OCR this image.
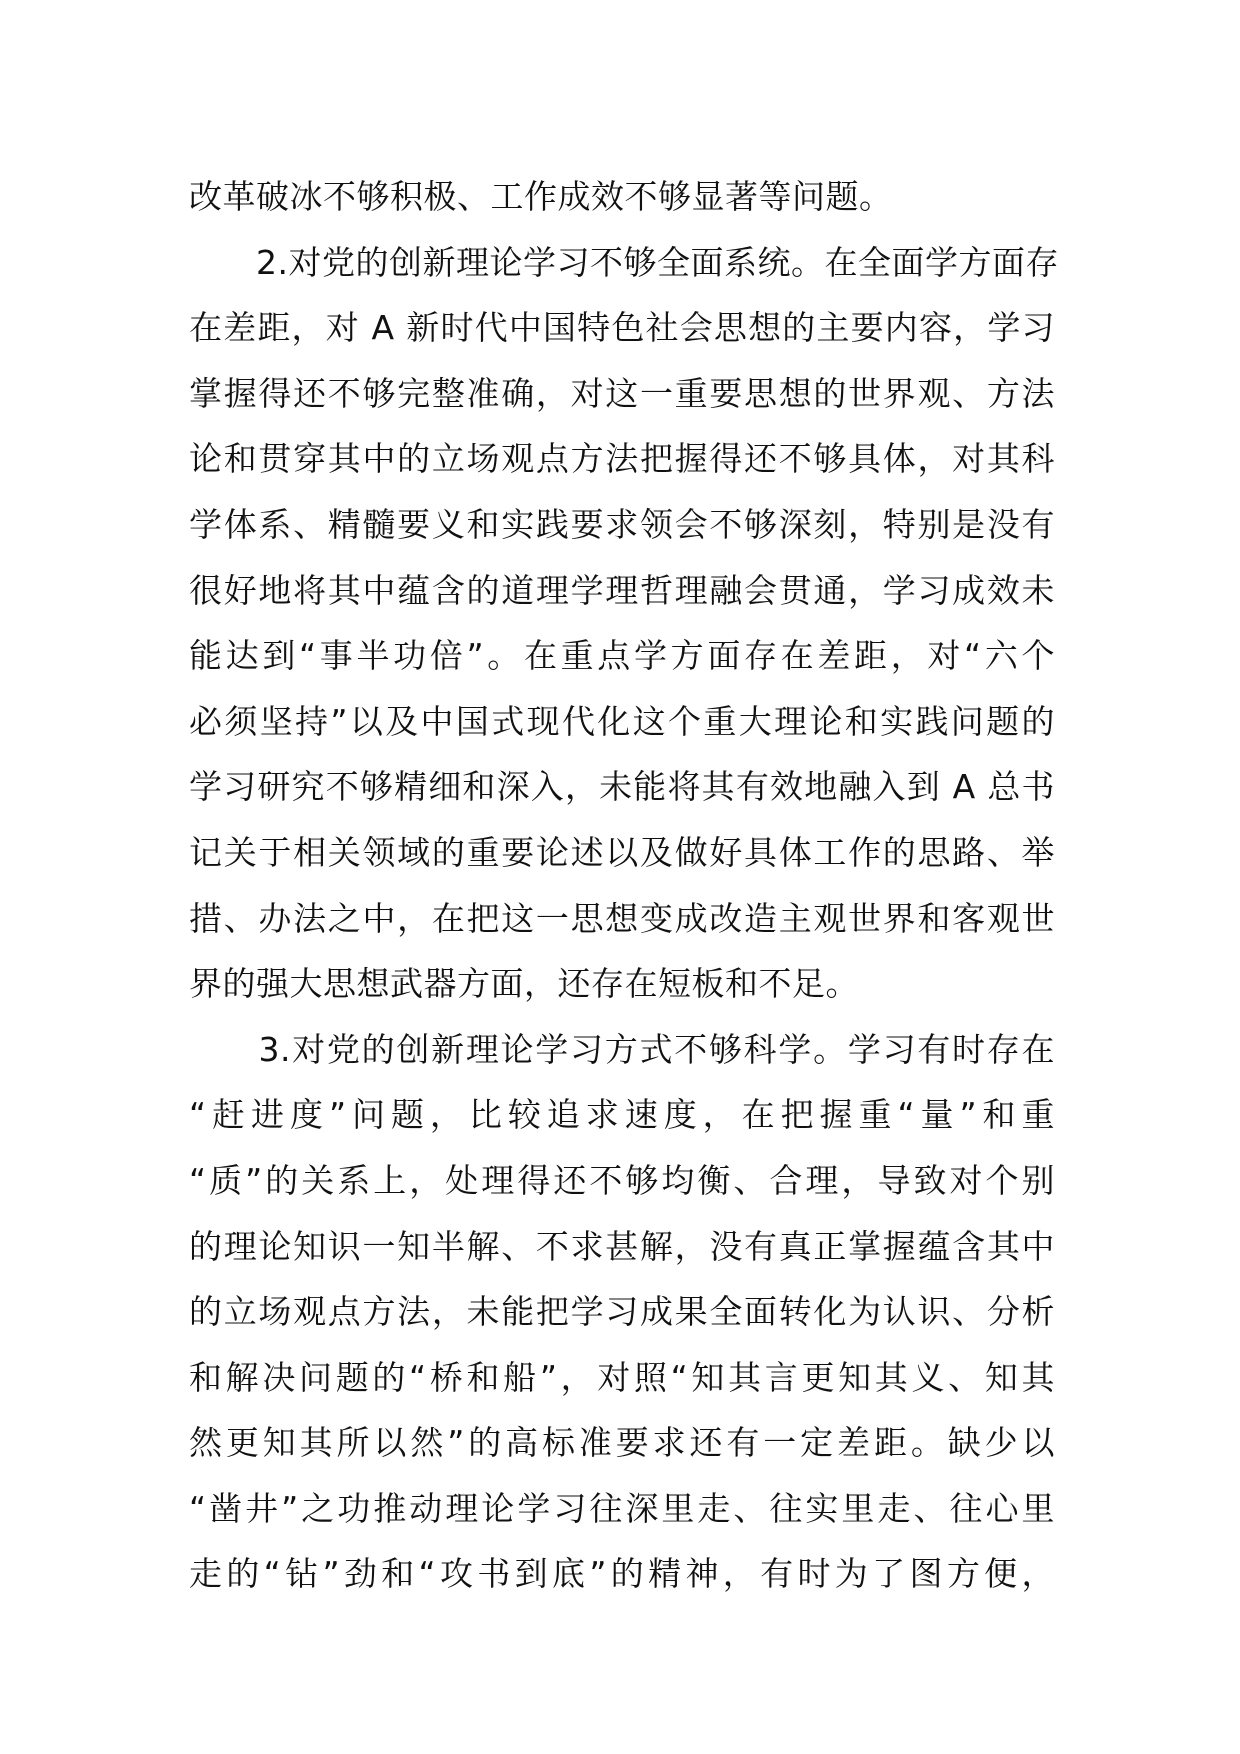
改革破冰不够积极、工作成效不够显著等问题。
　　2.对党的创新理论学习不够全面系统。在全面学方面存
在差距，对 A 新时代中国特色社会思想的主要内容，学习
掌握得还不够完整准确，对这一重要思想的世界观、方法
论和贯穿其中的立场观点方法把握得还不够具体，对其科
学体系、精髓要义和实践要求领会不够深刻，特别是没有
很好地将其中蕴含的道理学理哲理融会贯通，学习成效未
能达到“事半功倍”。在重点学方面存在差距，对“六个
必须坚持”以及中国式现代化这个重大理论和实践问题的
学习研究不够精细和深入，未能将其有效地融入到 A 总书
记关于相关领域的重要论述以及做好具体工作的思路、举
措、办法之中，在把这一思想变成改造主观世界和客观世
界的强大思想武器方面，还存在短板和不足。
　　3.对党的创新理论学习方式不够科学。学习有时存在
“赶进度”问题，比较追求速度，在把握重“量”和重
“质”的关系上，处理得还不够均衡、合理，导致对个别
的理论知识一知半解、不求甚解，没有真正掌握蕴含其中
的立场观点方法，未能把学习成果全面转化为认识、分析
和解决问题的“桥和船”，对照“知其言更知其义、知其
然更知其所以然”的高标准要求还有一定差距。缺少以
“凿井”之功推动理论学习往深里走、往实里走、往心里
走的“钻”劲和“攻书到底”的精神，有时为了图方便，
